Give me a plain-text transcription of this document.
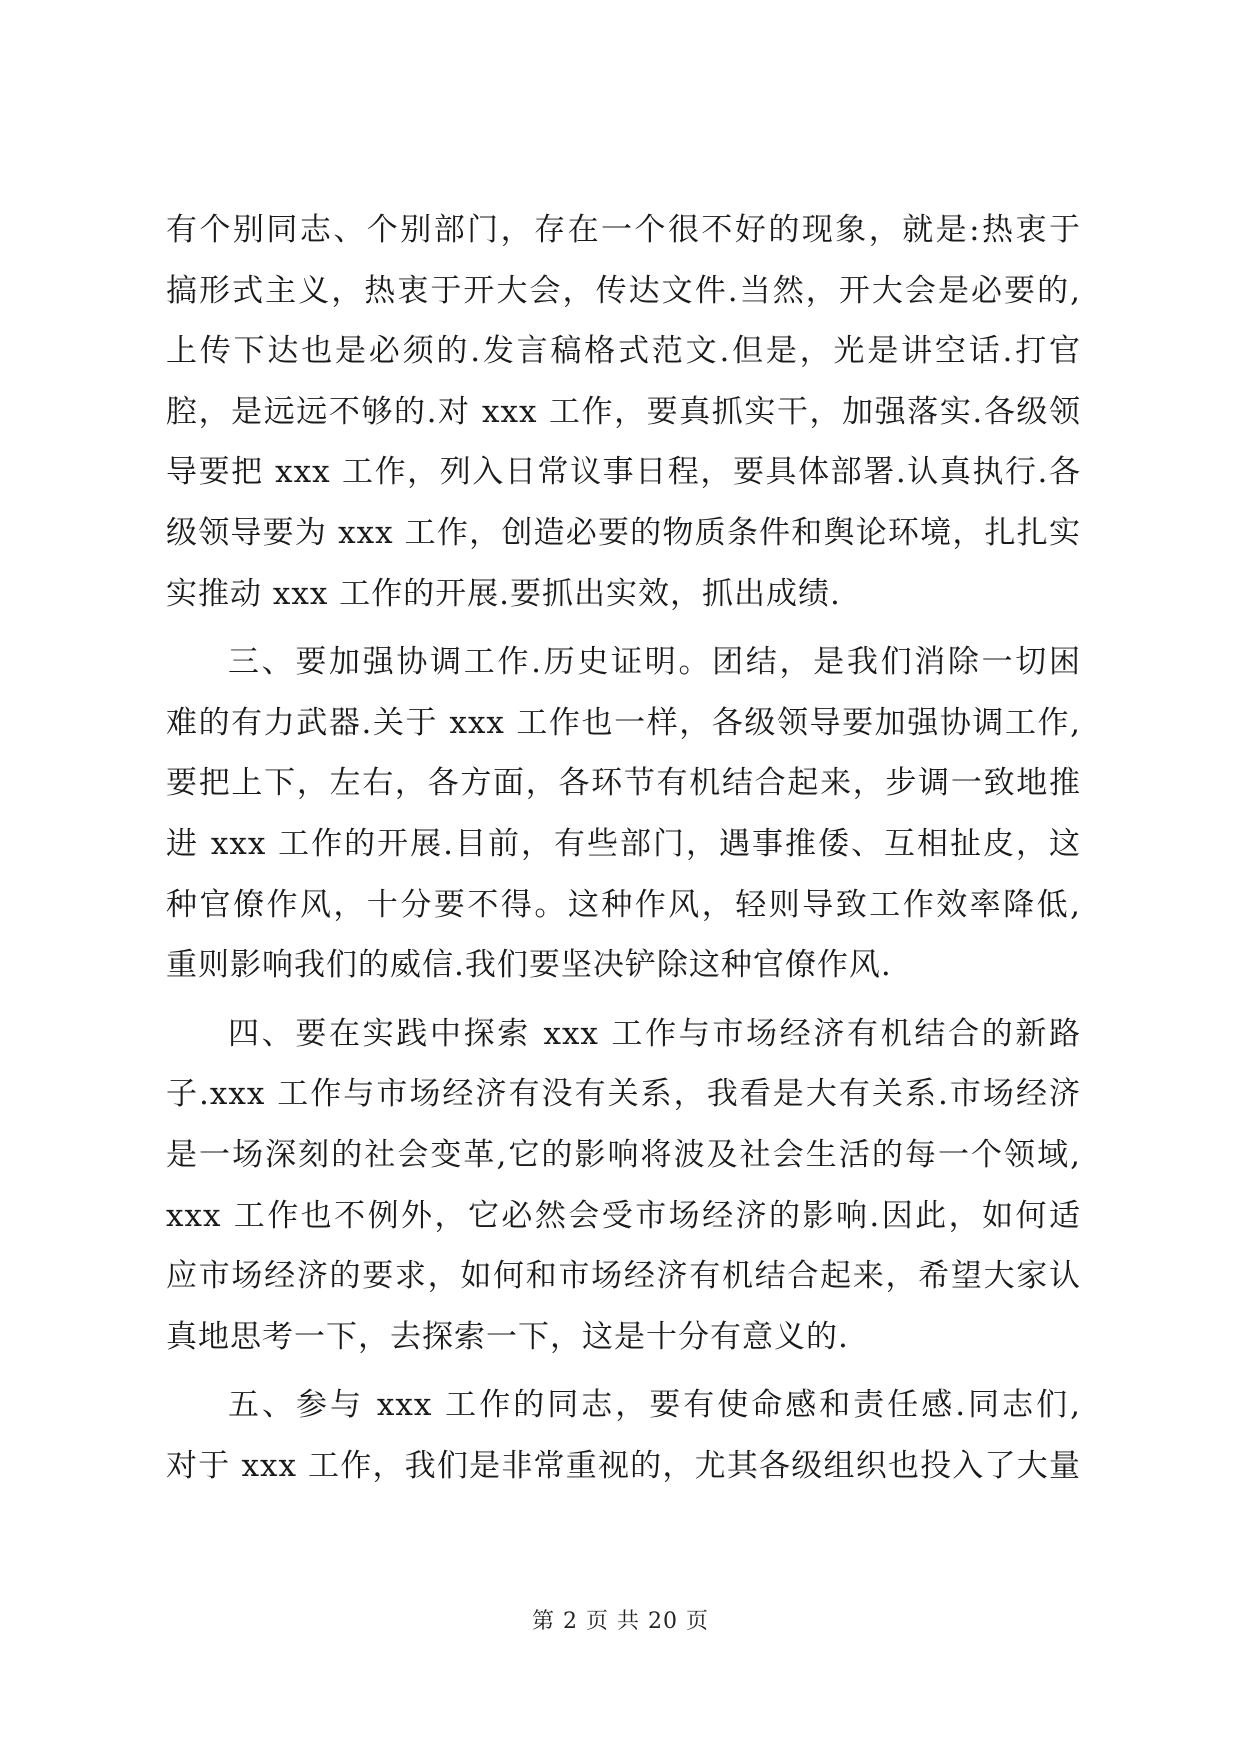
有个别同志、个别部门，存在一个很不好的现象，就是:热衷于
搞形式主义，热衷于开大会，传达文件.当然，开大会是必要的,
上传下达也是必须的.发言稿格式范文.但是，光是讲空话.打官
腔，是远远不够的.对 xxx 工作，要真抓实干，加强落实.各级领
导要把 xxx 工作，列入日常议事日程，要具体部署.认真执行.各
级领导要为 xxx 工作，创造必要的物质条件和舆论环境，扎扎实
实推动 xxx 工作的开展.要抓出实效，抓出成绩.
三、要加强协调工作.历史证明。团结，是我们消除一切困
难的有力武器.关于 xxx 工作也一样，各级领导要加强协调工作,
要把上下，左右，各方面，各环节有机结合起来，步调一致地推
进 xxx 工作的开展.目前，有些部门，遇事推倭、互相扯皮，这
种官僚作风，十分要不得。这种作风，轻则导致工作效率降低,
重则影响我们的威信.我们要坚决铲除这种官僚作风.
四、要在实践中探索 xxx 工作与市场经济有机结合的新路
子.xxx 工作与市场经济有没有关系，我看是大有关系.市场经济
是一场深刻的社会变革,它的影响将波及社会生活的每一个领域,
xxx 工作也不例外，它必然会受市场经济的影响.因此，如何适
应市场经济的要求，如何和市场经济有机结合起来，希望大家认
真地思考一下，去探索一下，这是十分有意义的.
五、参与 xxx 工作的同志，要有使命感和责任感.同志们,
对于 xxx 工作，我们是非常重视的，尤其各级组织也投入了大量
第 2 页 共 20 页
